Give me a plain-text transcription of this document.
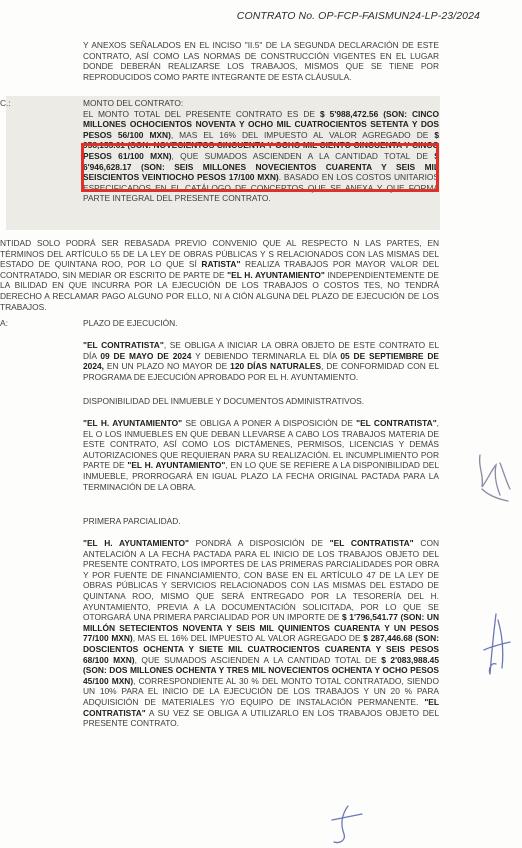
CONTRATO No. OP-FCP-FAISMUN24-LP-23/2024
Y ANEXOS SEÑALADOS EN EL INCISO "II.5" DE LA SEGUNDA DECLARACIÓN DE ESTE CONTRATO, ASÍ COMO LAS NORMAS DE CONSTRUCCIÓN VIGENTES EN EL LUGAR DONDE DEBERÁN REALIZARSE LOS TRABAJOS, MISMOS QUE SE TIENE POR REPRODUCIDOS COMO PARTE INTEGRANTE DE ESTA CLÁUSULA.
C.:	MONTO DEL CONTRATO:
EL MONTO TOTAL DEL PRESENTE CONTRATO ES DE $ 5'988,472.56 (SON: CINCO MILLONES OCHOCIENTOS NOVENTA Y OCHO MIL CUATROCIENTOS SETENTA Y DOS PESOS 56/100 MXN), MAS EL 16% DEL IMPUESTO AL VALOR AGREGADO DE $ 958,155.61 (SON: NOVECIENTOS CINCUENTA Y OCHO MIL CIENTO CINCUENTA Y CINCO PESOS 61/100 MXN), QUE SUMADOS ASCIENDEN A LA CANTIDAD TOTAL DE $ 6'946,628.17 (SON: SEIS MILLONES NOVECIENTOS CUARENTA Y SEIS MIL SEISCIENTOS VEINTIOCHO PESOS 17/100 MXN). BASADO EN LOS COSTOS UNITARIOS ESPECIFICADOS EN EL CATÁLOGO DE CONCEPTOS QUE SE ANEXA Y QUE FORMA PARTE INTEGRAL DEL PRESENTE CONTRATO.
NTIDAD SOLO PODRÁ SER REBASADA PREVIO CONVENIO QUE AL RESPECTO N LAS PARTES, EN TÉRMINOS DEL ARTÍCULO 55 DE LA LEY DE OBRAS PÚBLICAS Y S RELACIONADOS CON LAS MISMAS DEL ESTADO DE QUINTANA ROO, POR LO QUE SÍ RATISTA" REALIZA TRABAJOS POR MAYOR VALOR DEL CONTRATADO, SIN MEDIAR OR ESCRITO DE PARTE DE "EL H. AYUNTAMIENTO" INDEPENDIENTEMENTE DE LA BILIDAD EN QUE INCURRA POR LA EJECUCIÓN DE LOS TRABAJOS O COSTOS TES, NO TENDRÁ DERECHO A RECLAMAR PAGO ALGUNO POR ELLO, NI A CIÓN ALGUNA DEL PLAZO DE EJECUCIÓN DE LOS TRABAJOS.
A:	PLAZO DE EJECUCIÓN.
"EL CONTRATISTA", SE OBLIGA A INICIAR LA OBRA OBJETO DE ESTE CONTRATO EL DÍA 09 DE MAYO DE 2024 Y DEBIENDO TERMINARLA EL DÍA 05 DE SEPTIEMBRE DE 2024, EN UN PLAZO NO MAYOR DE 120 DÍAS NATURALES, DE CONFORMIDAD CON EL PROGRAMA DE EJECUCIÓN APROBADO POR EL H. AYUNTAMIENTO.
DISPONIBILIDAD DEL INMUEBLE Y DOCUMENTOS ADMINISTRATIVOS.
"EL H. AYUNTAMIENTO" SE OBLIGA A PONER A DISPOSICIÓN DE "EL CONTRATISTA", EL O LOS INMUEBLES EN QUE DEBAN LLEVARSE A CABO LOS TRABAJOS MATERIA DE ESTE CONTRATO, ASÍ COMO LOS DICTÁMENES, PERMISOS, LICENCIAS Y DEMÁS AUTORIZACIONES QUE REQUIERAN PARA SU REALIZACIÓN. EL INCUMPLIMIENTO POR PARTE DE "EL H. AYUNTAMIENTO", EN LO QUE SE REFIERE A LA DISPONIBILIDAD DEL INMUEBLE, PRORROGARÁ EN IGUAL PLAZO LA FECHA ORIGINAL PACTADA PARA LA TERMINACIÓN DE LA OBRA.
PRIMERA PARCIALIDAD.
"EL H. AYUNTAMIENTO" PONDRÁ A DISPOSICIÓN DE "EL CONTRATISTA" CON ANTELACIÓN A LA FECHA PACTADA PARA EL INICIO DE LOS TRABAJOS OBJETO DEL PRESENTE CONTRATO, LOS IMPORTES DE LAS PRIMERAS PARCIALIDADES POR OBRA Y POR FUENTE DE FINANCIAMIENTO, CON BASE EN EL ARTÍCULO 47 DE LA LEY DE OBRAS PÚBLICAS Y SERVICIOS RELACIONADOS CON LAS MISMAS DEL ESTADO DE QUINTANA ROO, MISMO QUE SERÁ ENTREGADO POR LA TESORERÍA DEL H. AYUNTAMIENTO, PREVIA A LA DOCUMENTACIÓN SOLICITADA, POR LO QUE SE OTORGARÁ UNA PRIMERA PARCIALIDAD POR UN IMPORTE DE $ 1'796,541.77 (SON: UN MILLÓN SETECIENTOS NOVENTA Y SEIS MIL QUINIENTOS CUARENTA Y UN PESOS 77/100 MXN), MAS EL 16% DEL IMPUESTO AL VALOR AGREGADO DE $ 287,446.68 (SON: DOSCIENTOS OCHENTA Y SIETE MIL CUATROCIENTOS CUARENTA Y SEIS PESOS 68/100 MXN), QUE SUMADOS ASCIENDEN A LA CANTIDAD TOTAL DE $ 2'083,988.45 (SON: DOS MILLONES OCHENTA Y TRES MIL NOVECIENTOS OCHENTA Y OCHO PESOS 45/100 MXN), CORRESPONDIENTE AL 30 % DEL MONTO TOTAL CONTRATADO, SIENDO UN 10% PARA EL INICIO DE LA EJECUCIÓN DE LOS TRABAJOS Y UN 20 % PARA ADQUISICIÓN DE MATERIALES Y/O EQUIPO DE INSTALACIÓN PERMANENTE. "EL CONTRATISTA" A SU VEZ SE OBLIGA A UTILIZARLO EN LOS TRABAJOS OBJETO DEL PRESENTE CONTRATO.
